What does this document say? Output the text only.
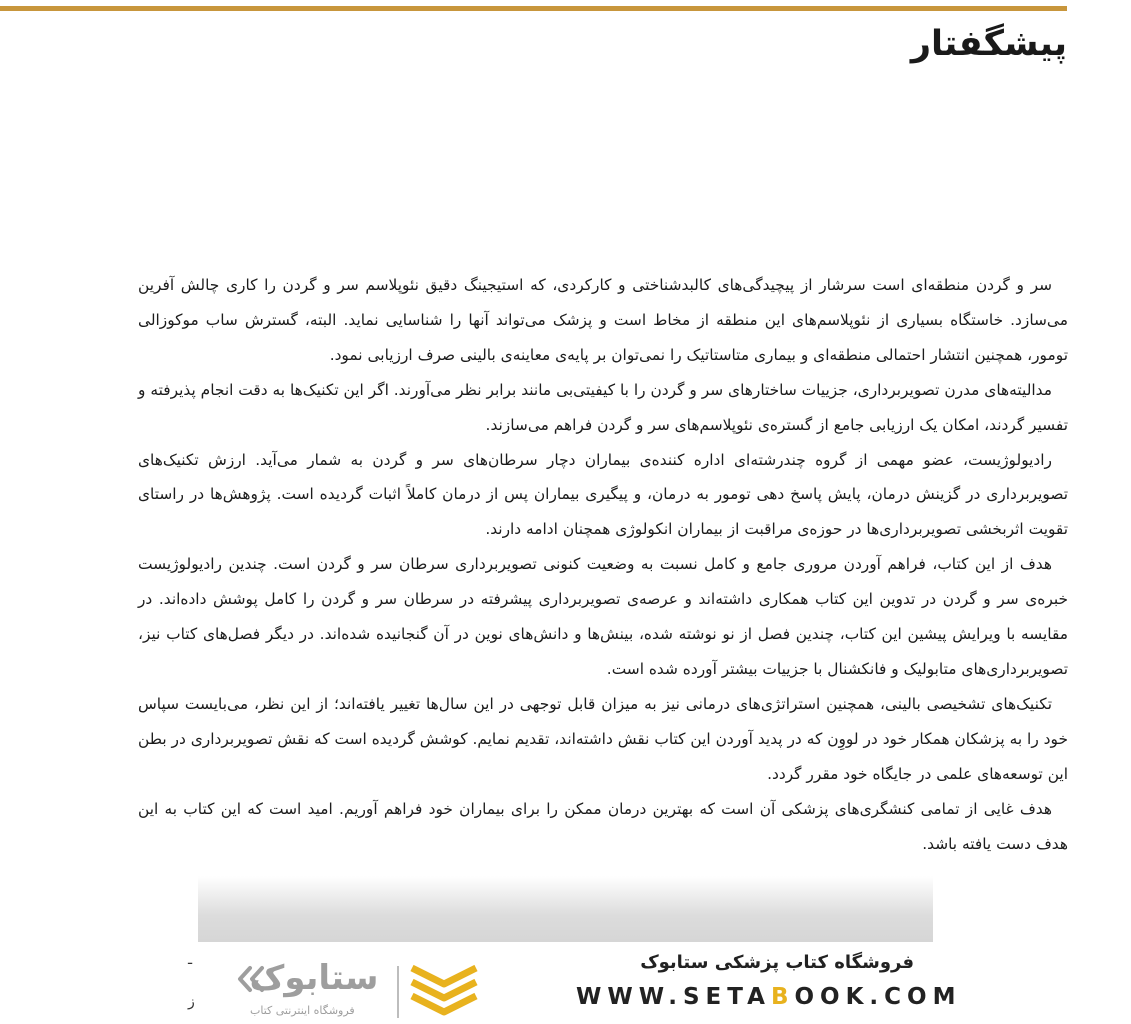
پیشگفتار

سر و گردن منطقه‌ای است سرشار از پیچیدگی‌های کالبدشناختی و کارکردی، که استیجینگ دقیق نئوپلاسم سر و گردن را کاری چالش آفرین می‌سازد. خاستگاه بسیاری از نئوپلاسم‌های این منطقه از مخاط است و پزشک می‌تواند آنها را شناسایی نماید. البته، گسترش ساب موکوزالی تومور، همچنین انتشار احتمالی منطقه‌ای و بیماری متاستاتیک را نمی‌توان بر پایه‌ی معاینه‌ی بالینی صرف ارزیابی نمود.

مدالیته‌های مدرن تصویربرداری، جزییات ساختارهای سر و گردن را با کیفیتی‌بی مانند برابر نظر می‌آورند. اگر این تکنیک‌ها به دقت انجام پذیرفته و تفسیر گردند، امکان یک ارزیابی جامع از گستره‌ی نئوپلاسم‌های سر و گردن فراهم می‌سازند.

رادیولوژیست، عضو مهمی از گروه چندرشته‌ای اداره کننده‌ی بیماران دچار سرطان‌های سر و گردن به شمار می‌آید. ارزش تکنیک‌های تصویربرداری در گزینش درمان، پایش پاسخ دهی تومور به درمان، و پیگیری بیماران پس از درمان کاملاً اثبات گردیده است. پژوهش‌ها در راستای تقویت اثربخشی تصویربرداری‌ها در حوزه‌ی مراقبت از بیماران انکولوژی همچنان ادامه دارند.

هدف از این کتاب، فراهم آوردن مروری جامع و کامل نسبت به وضعیت کنونی تصویربرداری سرطان سر و گردن است. چندین رادیولوژیست خبره‌ی سر و گردن در تدوین این کتاب همکاری داشته‌اند و عرصه‌ی تصویربرداری پیشرفته در سرطان سر و گردن را کامل پوشش داده‌اند. در مقایسه با ویرایش پیشین این کتاب، چندین فصل از نو نوشته شده، بینش‌ها و دانش‌های نوین در آن گنجانیده شده‌اند. در دیگر فصل‌های کتاب نیز، تصویربرداری‌های متابولیک و فانکشنال با جزییات بیشتر آورده شده است.

تکنیک‌های تشخیصی بالینی، همچنین استراتژی‌های درمانی نیز به میزان قابل توجهی در این سال‌ها تغییر یافته‌اند؛ از این نظر، می‌بایست سپاس خود را به پزشکان همکار خود در لووِن که در پدید آوردن این کتاب نقش داشته‌اند، تقدیم نمایم. کوشش گردیده است که نقش تصویربرداری در بطن این توسعه‌های علمی در جایگاه خود مقرر گردد.

هدف غایی از تمامی کنشگری‌های پزشکی آن است که بهترین درمان ممکن را برای بیماران خود فراهم آوریم. امید است که این کتاب به این هدف دست یافته باشد.

ـ
ز
ستابوک
فروشگاه اینترنتی کتاب
فروشگاه کتاب پزشکی ستابوک
WWW.SETABOOK.COM
